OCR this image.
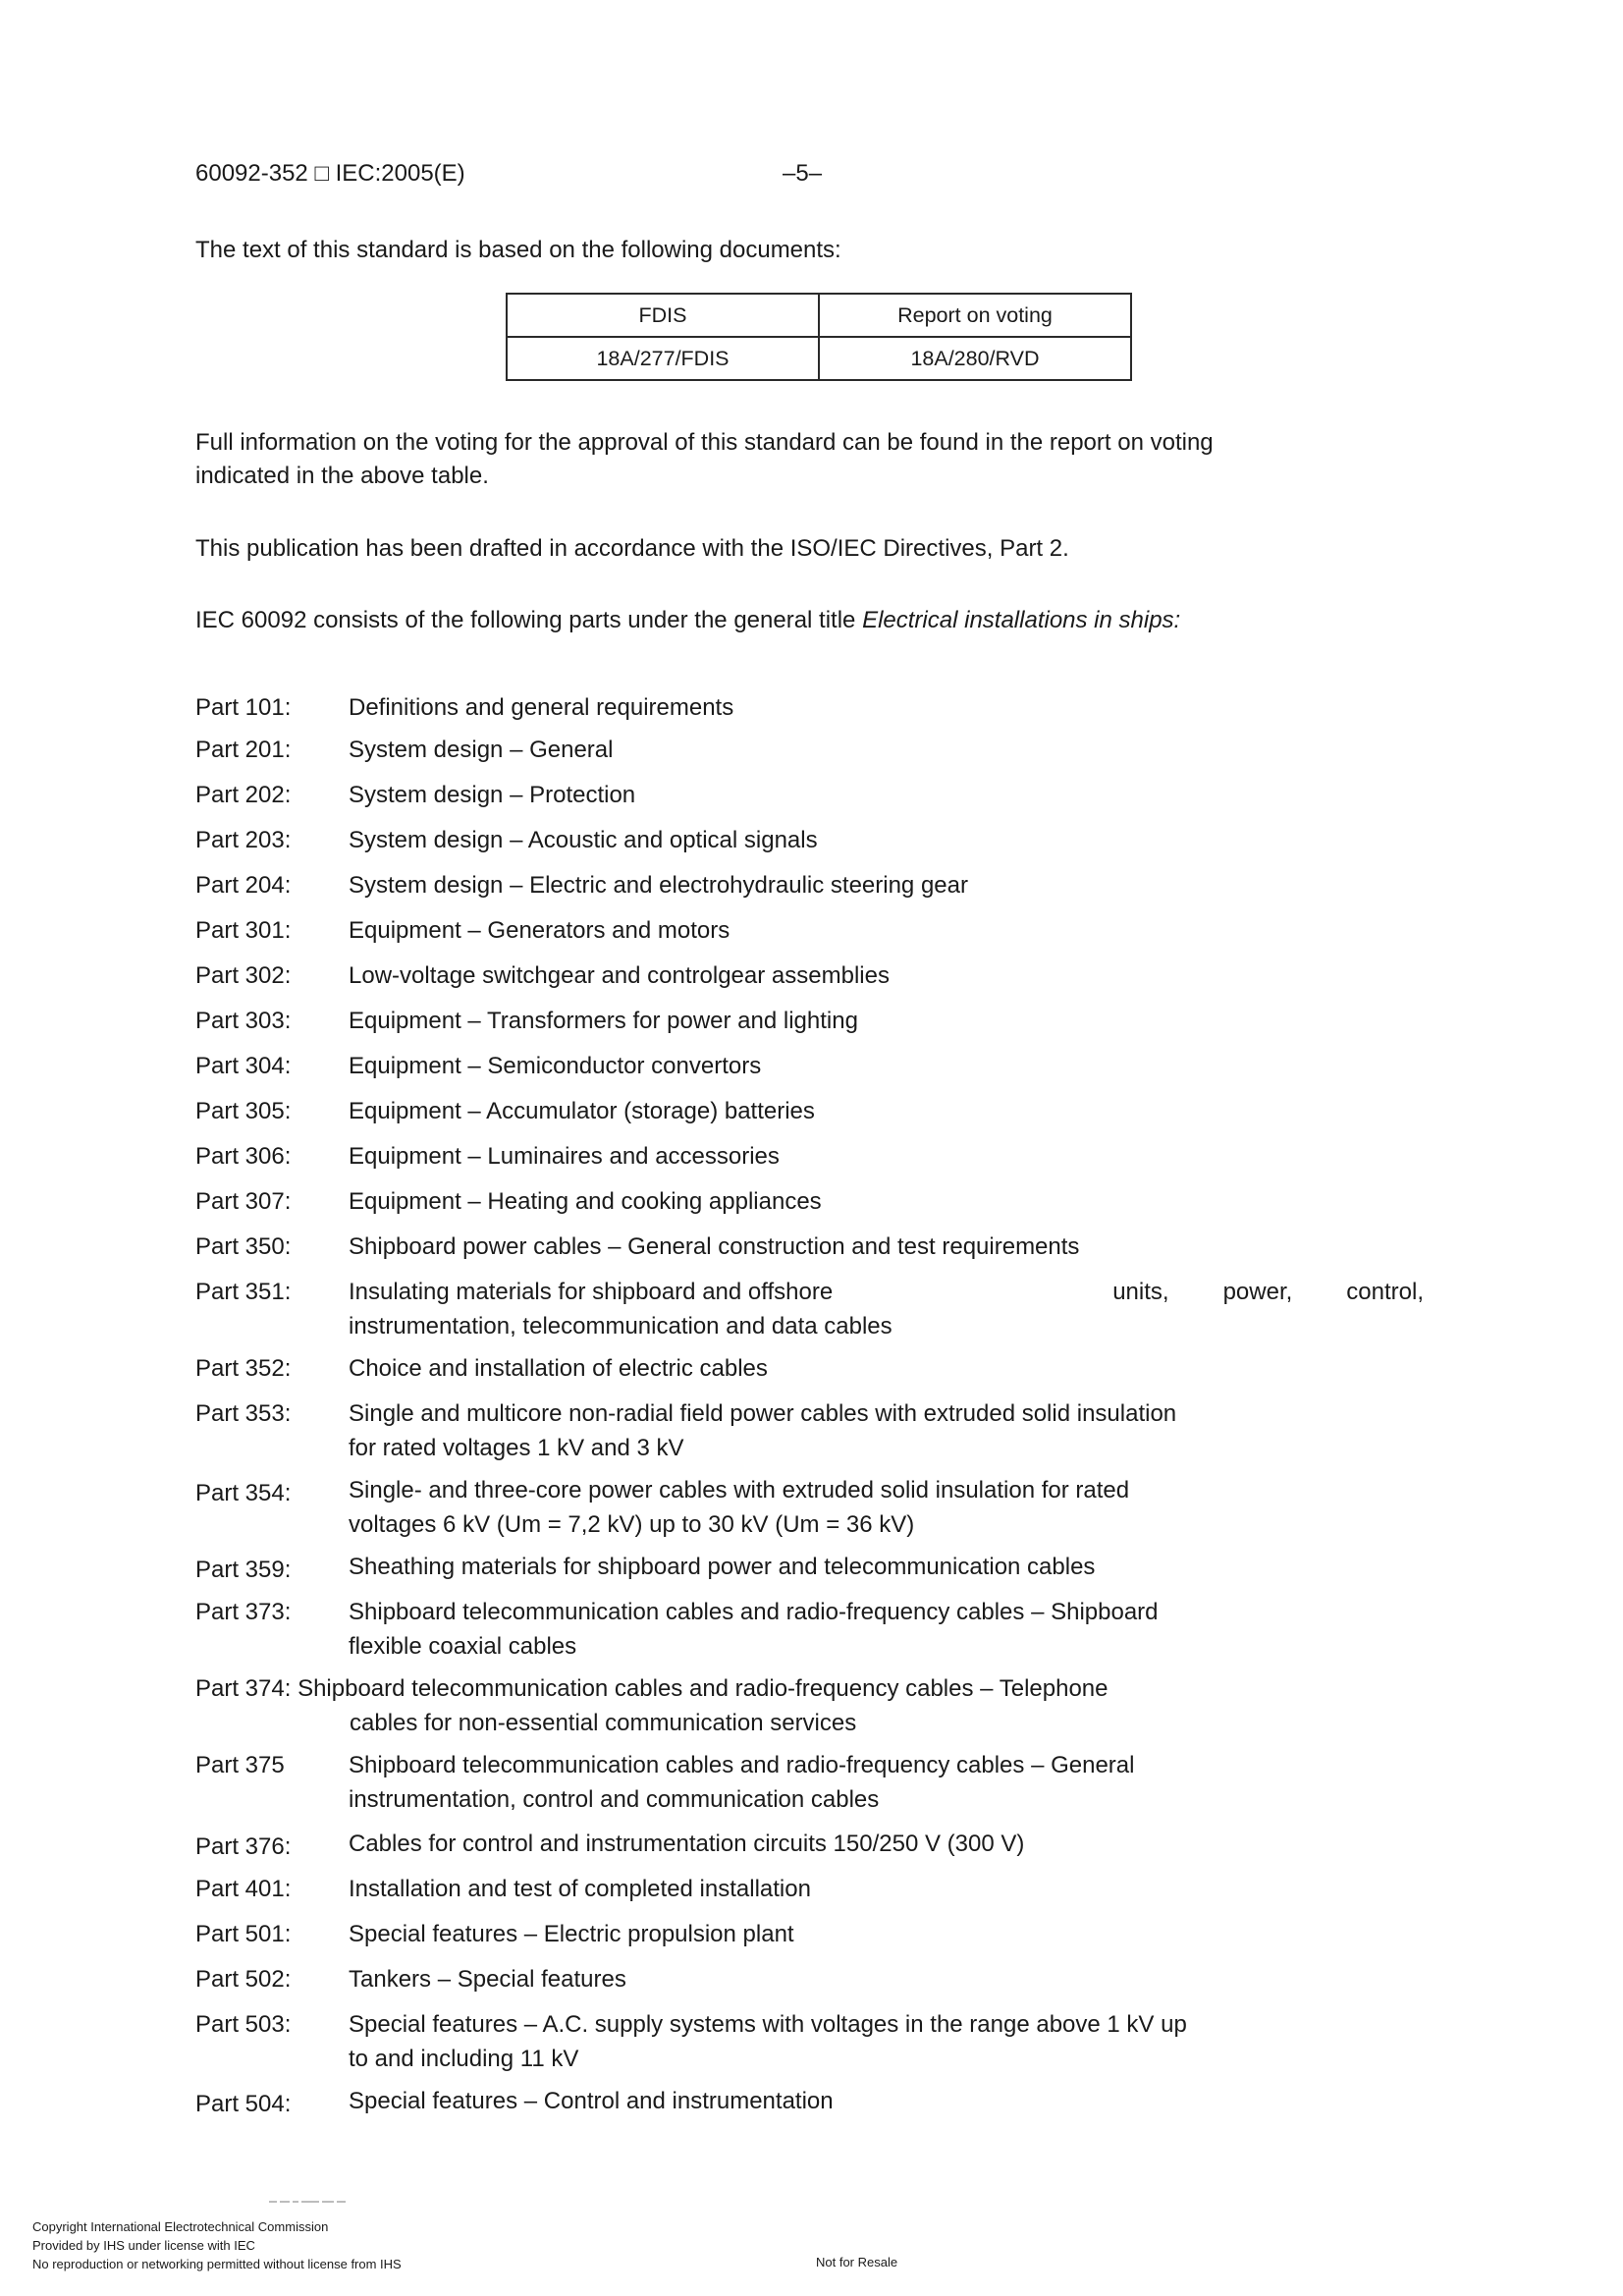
60092-352 □ IEC:2005(E)	–5–
The text of this standard is based on the following documents:
FDIS	Report on voting
18A/277/FDIS	18A/280/RVD
Full information on the voting for the approval of this standard can be found in the report on voting indicated in the above table.
This publication has been drafted in accordance with the ISO/IEC Directives, Part 2.
IEC 60092 consists of the following parts under the general title Electrical installations in ships:
Part 101:	Definitions and general requirements
Part 201:	System design – General
Part 202:	System design – Protection
Part 203:	System design – Acoustic and optical signals
Part 204:	System design – Electric and electrohydraulic steering gear
Part 301:	Equipment – Generators and motors
Part 302:	Low-voltage switchgear and controlgear assemblies
Part 303:	Equipment – Transformers for power and lighting
Part 304:	Equipment – Semiconductor convertors
Part 305:	Equipment – Accumulator (storage) batteries
Part 306:	Equipment – Luminaires and accessories
Part 307:	Equipment – Heating and cooking appliances
Part 350:	Shipboard power cables – General construction and test requirements
Part 351:	Insulating materials for shipboard and offshore	units, power, control,
instrumentation, telecommunication and data cables
Part 352:	Choice and installation of electric cables
Part 353:	Single and multicore non-radial field power cables with extruded solid insulation
for rated voltages 1 kV and 3 kV
Part 354:	Single- and three-core power cables with extruded solid insulation for rated
voltages 6 kV (Um = 7,2 kV) up to 30 kV (Um = 36 kV)
Part 359:	Sheathing materials for shipboard power and telecommunication cables
Part 373:	Shipboard telecommunication cables and radio-frequency cables – Shipboard
flexible coaxial cables
Part 374: Shipboard telecommunication cables and radio-frequency cables – Telephone
cables for non-essential communication services
Part 375	Shipboard telecommunication cables and radio-frequency cables – General
instrumentation, control and communication cables
Part 376:	Cables for control and instrumentation circuits 150/250 V (300 V)
Part 401:	Installation and test of completed installation
Part 501:	Special features – Electric propulsion plant
Part 502:	Tankers – Special features
Part 503:	Special features – A.C. supply systems with voltages in the range above 1 kV up
to and including 11 kV
Part 504:	Special features – Control and instrumentation
Copyright International Electrotechnical Commission
Provided by IHS under license with IEC
No reproduction or networking permitted without license from IHS	Not for Resale
